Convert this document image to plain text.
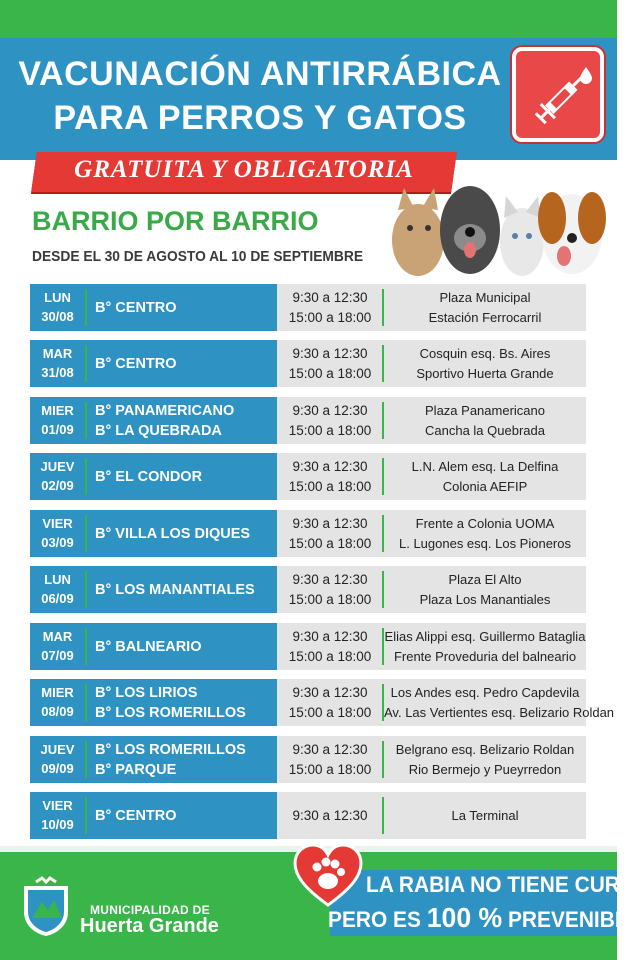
VACUNACIÓN ANTIRRÁBICA
PARA PERROS Y GATOS
GRATUITA Y OBLIGATORIA
BARRIO POR BARRIO
DESDE EL 30 DE AGOSTO AL 10 DE SEPTIEMBRE
LUN
30/08
B° CENTRO
9:30 a 12:30
15:00 a 18:00
Plaza Municipal
Estación Ferrocarril
MAR
31/08
B° CENTRO
9:30 a 12:30
15:00 a 18:00
Cosquin esq. Bs. Aires
Sportivo Huerta Grande
MIER
01/09
B° PANAMERICANO
B° LA QUEBRADA
9:30 a 12:30
15:00 a 18:00
Plaza Panamericano
Cancha la Quebrada
JUEV
02/09
B° EL CONDOR
9:30 a 12:30
15:00 a 18:00
L.N. Alem esq. La Delfina
Colonia AEFIP
VIER
03/09
B° VILLA LOS DIQUES
9:30 a 12:30
15:00 a 18:00
Frente a Colonia UOMA
L. Lugones esq. Los Pioneros
LUN
06/09
B° LOS MANANTIALES
9:30 a 12:30
15:00 a 18:00
Plaza El Alto
Plaza Los Manantiales
MAR
07/09
B° BALNEARIO
9:30 a 12:30
15:00 a 18:00
Elias Alippi esq. Guillermo Bataglia
Frente Proveduria del balneario
MIER
08/09
B° LOS LIRIOS
B° LOS ROMERILLOS
9:30 a 12:30
15:00 a 18:00
Los Andes esq. Pedro Capdevila
Av. Las Vertientes esq. Belizario Roldan
JUEV
09/09
B° LOS ROMERILLOS
B° PARQUE
9:30 a 12:30
15:00 a 18:00
Belgrano esq. Belizario Roldan
Rio Bermejo y Pueyrredon
VIER
10/09
B° CENTRO	9:30 a 12:30	La Terminal
MUNICIPALIDAD DE
Huerta Grande
LA RABIA NO TIENE CURA
PERO ES 100 % PREVENIBLE
